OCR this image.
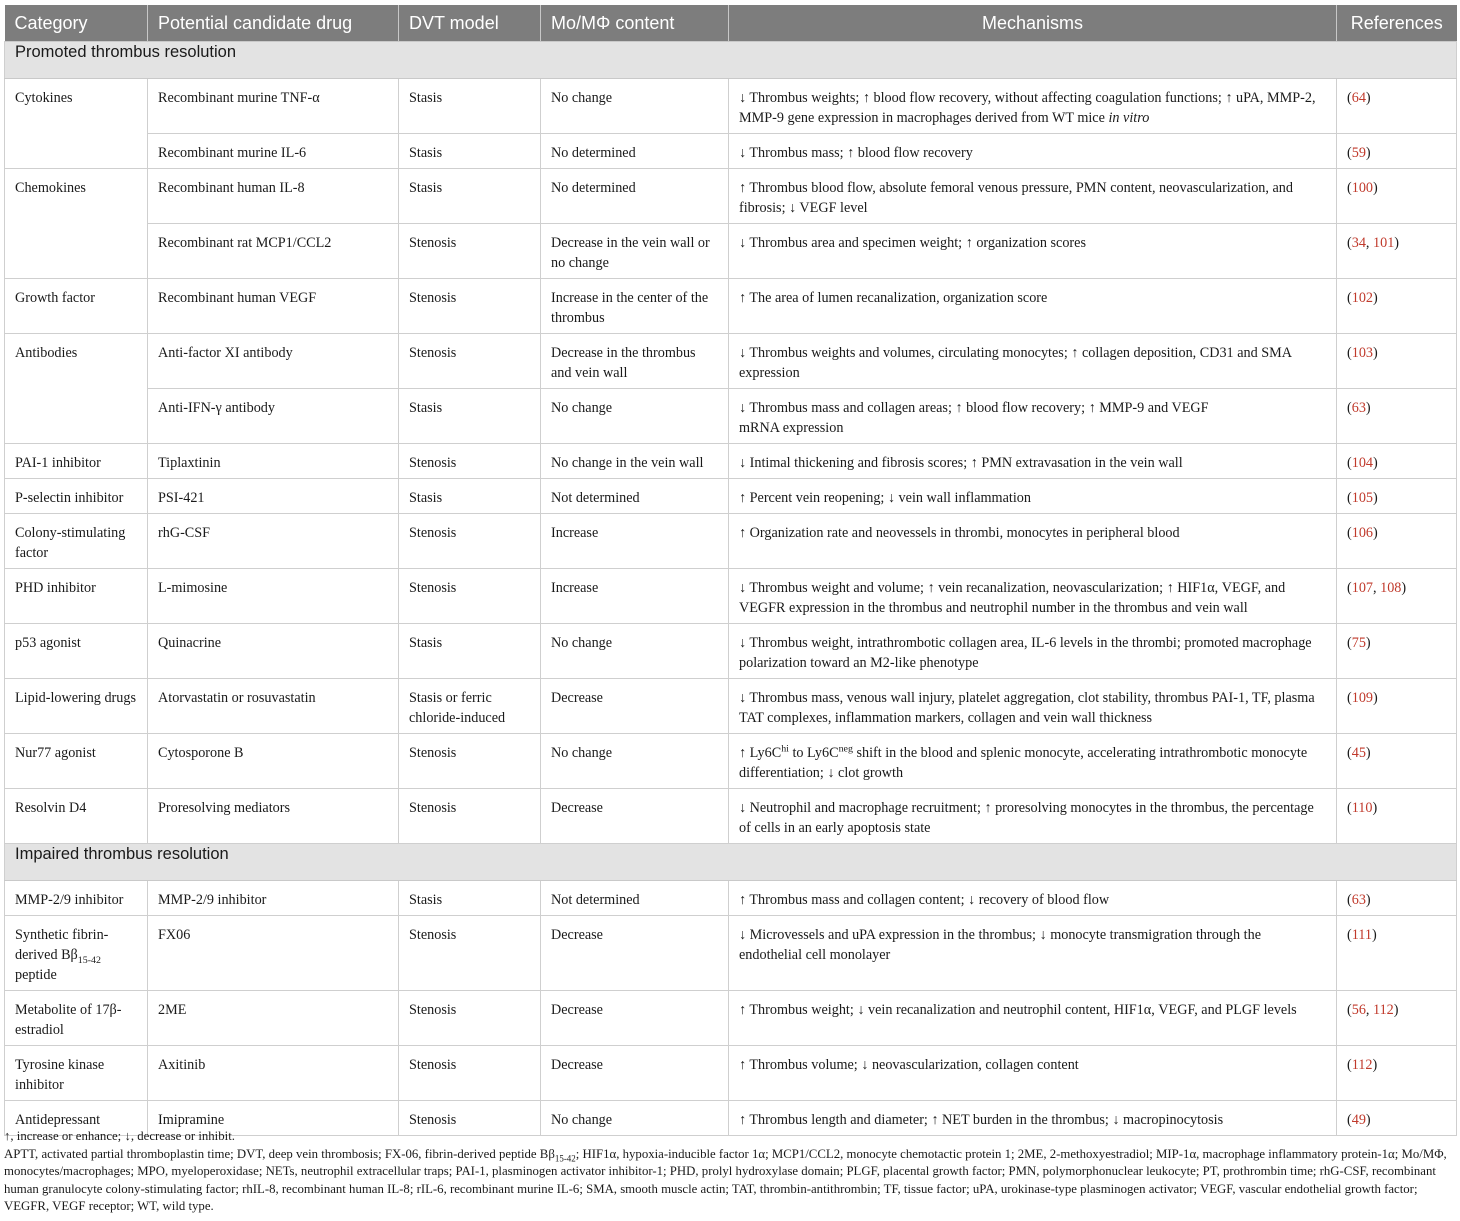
Category	Potential candidate drug	DVT model	Mo/MΦ content	Mechanisms	References
Promoted thrombus resolution					
Cytokines	Recombinant murine TNF-α	Stasis	No change	↓ Thrombus weights; ↑ blood flow recovery, without affecting coagulation functions; ↑ uPA, MMP-2, MMP-9 gene expression in macrophages derived from WT mice in vitro	(64)
	Recombinant murine IL-6	Stasis	No determined	↓ Thrombus mass; ↑ blood flow recovery	(59)
Chemokines	Recombinant human IL-8	Stasis	No determined	↑ Thrombus blood flow, absolute femoral venous pressure, PMN content, neovascularization, and fibrosis; ↓ VEGF level	(100)
	Recombinant rat MCP1/CCL2	Stenosis	Decrease in the vein wall or no change	↓ Thrombus area and specimen weight; ↑ organization scores	(34, 101)
Growth factor	Recombinant human VEGF	Stenosis	Increase in the center of the thrombus	↑ The area of lumen recanalization, organization score	(102)
Antibodies	Anti-factor XI antibody	Stenosis	Decrease in the thrombus and vein wall	↓ Thrombus weights and volumes, circulating monocytes; ↑ collagen deposition, CD31 and SMA expression	(103)
	Anti-IFN-γ antibody	Stasis	No change	↓ Thrombus mass and collagen areas; ↑ blood flow recovery; ↑ MMP-9 and VEGF mRNA expression	(63)
PAI-1 inhibitor	Tiplaxtinin	Stenosis	No change in the vein wall	↓ Intimal thickening and fibrosis scores; ↑ PMN extravasation in the vein wall	(104)
P-selectin inhibitor	PSI-421	Stasis	Not determined	↑ Percent vein reopening; ↓ vein wall inflammation	(105)
Colony-stimulating factor	rhG-CSF	Stenosis	Increase	↑ Organization rate and neovessels in thrombi, monocytes in peripheral blood	(106)
PHD inhibitor	L-mimosine	Stenosis	Increase	↓ Thrombus weight and volume; ↑ vein recanalization, neovascularization; ↑ HIF1α, VEGF, and VEGFR expression in the thrombus and neutrophil number in the thrombus and vein wall	(107, 108)
p53 agonist	Quinacrine	Stasis	No change	↓ Thrombus weight, intrathrombotic collagen area, IL-6 levels in the thrombi; promoted macrophage polarization toward an M2-like phenotype	(75)
Lipid-lowering drugs	Atorvastatin or rosuvastatin	Stasis or ferric chloride-induced	Decrease	↓ Thrombus mass, venous wall injury, platelet aggregation, clot stability, thrombus PAI-1, TF, plasma TAT complexes, inflammation markers, collagen and vein wall thickness	(109)
Nur77 agonist	Cytosporone B	Stenosis	No change	↑ $Ly6C^{hi}$ to $Ly6C^{neg}$ shift in the blood and splenic monocyte, accelerating intrathrombotic monocyte differentiation; ↓ clot growth	(45)
Resolvin D4	Proresolving mediators	Stenosis	Decrease	↓ Neutrophil and macrophage recruitment; ↑ proresolving monocytes in the thrombus, the percentage of cells in an early apoptosis state	(110)
Impaired thrombus resolution					
MMP-2/9 inhibitor	MMP-2/9 inhibitor	Stasis	Not determined	↑ Thrombus mass and collagen content; ↓ recovery of blood flow	(63)
Synthetic fibrin-derived $B\beta_{15-42}$ peptide	FX06	Stenosis	Decrease	↓ Microvessels and uPA expression in the thrombus; ↓ monocyte transmigration through the endothelial cell monolayer	(111)
Metabolite of 17β-estradiol	2ME	Stenosis	Decrease	↑ Thrombus weight; ↓ vein recanalization and neutrophil content, HIF1α, VEGF, and PLGF levels	(56, 112)
Tyrosine kinase inhibitor	Axitinib	Stenosis	Decrease	↑ Thrombus volume; ↓ neovascularization, collagen content	(112)
Antidepressant	Imipramine	Stenosis	No change	↑ Thrombus length and diameter; ↑ NET burden in the thrombus; ↓ macropinocytosis	(49)

↑, increase or enhance; ↓, decrease or inhibit.

APTT, activated partial thromboplastin time; DVT, deep vein thrombosis; FX-06, fibrin-derived peptide $B\beta_{15-42}$; HIF1α, hypoxia-inducible factor 1α; MCP1/CCL2, monocyte chemotactic protein 1; 2ME, 2-methoxyestradiol; MIP-1α, macrophage inflammatory protein-1α; Mo/MΦ, monocytes/macrophages; MPO, myeloperoxidase; NETs, neutrophil extracellular traps; PAI-1, plasminogen activator inhibitor-1; PHD, prolyl hydroxylase domain; PLGF, placental growth factor; PMN, polymorphonuclear leukocyte; PT, prothrombin time; rhG-CSF, recombinant human granulocyte colony-stimulating factor; rhIL-8, recombinant human IL-8; rIL-6, recombinant murine IL-6; SMA, smooth muscle actin; TAT, thrombin-antithrombin; TF, tissue factor; uPA, urokinase-type plasminogen activator; VEGF, vascular endothelial growth factor; VEGFR, VEGF receptor; WT, wild type.
